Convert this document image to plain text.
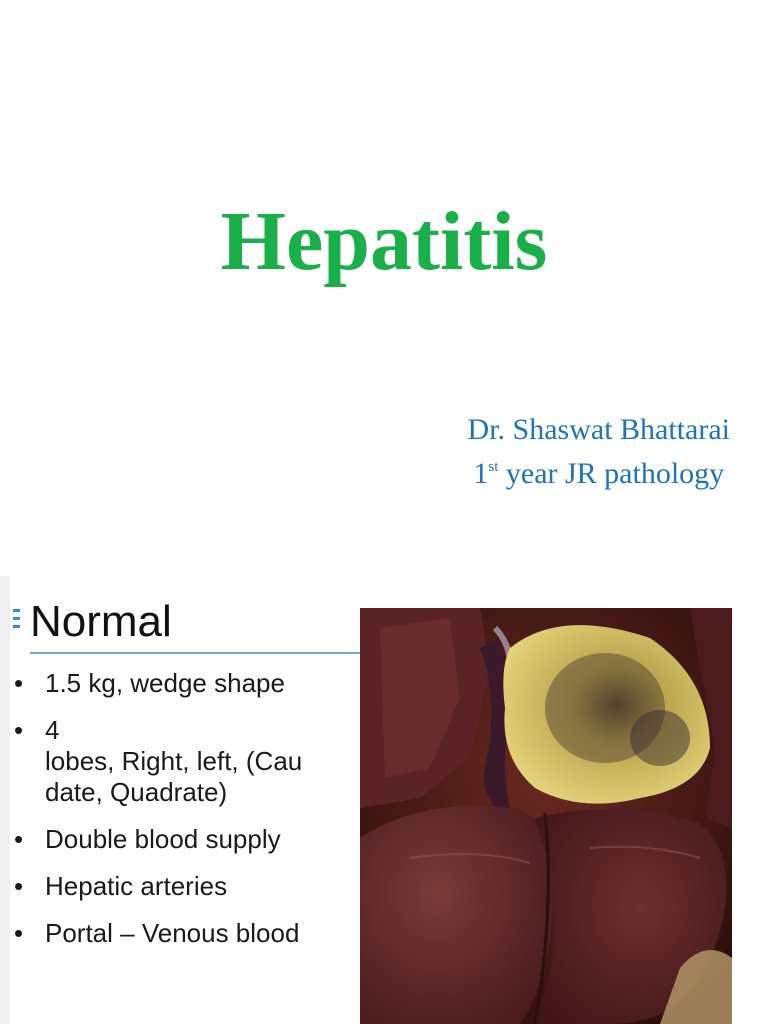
Hepatitis
Dr. Shaswat Bhattarai
1st year JR pathology
Normal
• 1.5 kg, wedge shape
• 4
lobes, Right, left, (Cau
date, Quadrate)
• Double blood supply
• Hepatic arteries
• Portal – Venous blood
